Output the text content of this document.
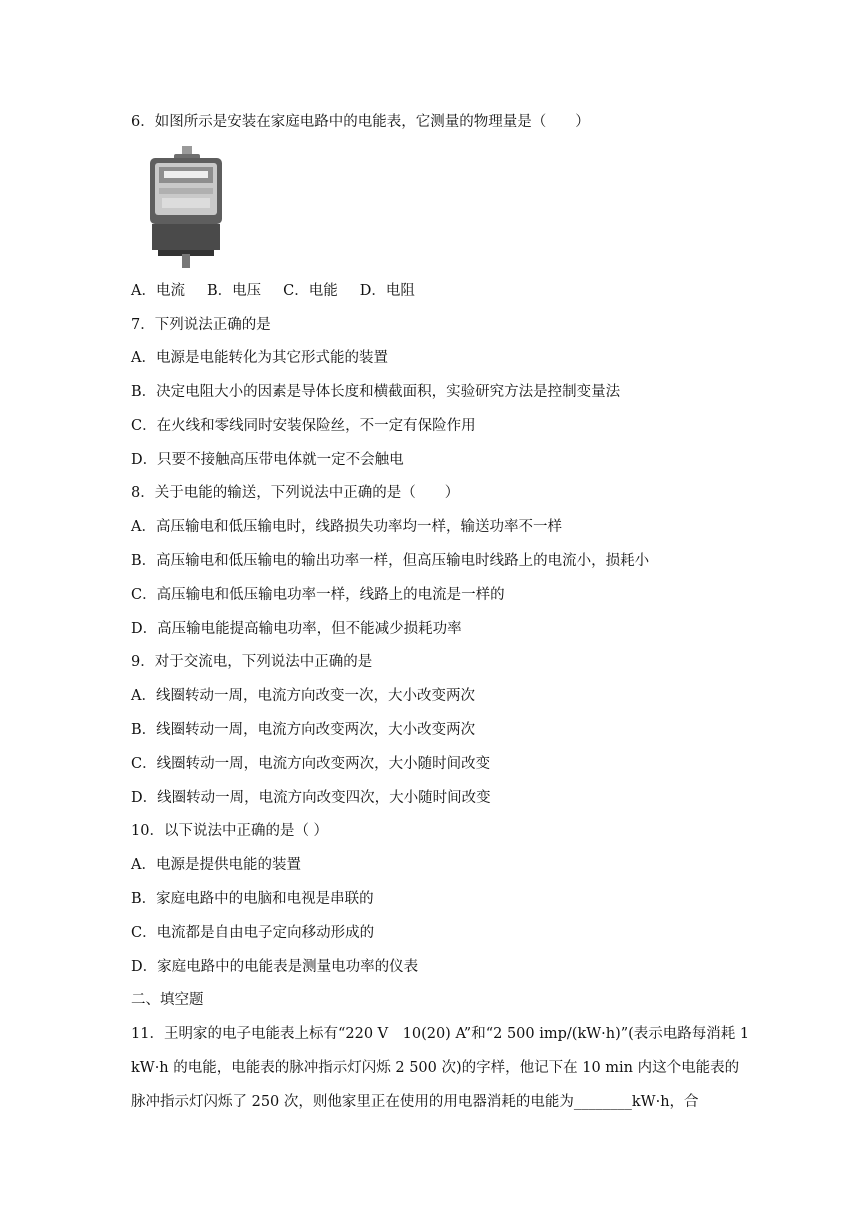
6．如图所示是安装在家庭电路中的电能表，它测量的物理量是（　　）
A．电流 B．电压 C．电能 D．电阻
7．下列说法正确的是
A．电源是电能转化为其它形式能的装置
B．决定电阻大小的因素是导体长度和横截面积，实验研究方法是控制变量法
C．在火线和零线同时安装保险丝，不一定有保险作用
D．只要不接触高压带电体就一定不会触电
8．关于电能的输送，下列说法中正确的是（　　）
A．高压输电和低压输电时，线路损失功率均一样，输送功率不一样
B．高压输电和低压输电的输出功率一样，但高压输电时线路上的电流小，损耗小
C．高压输电和低压输电功率一样，线路上的电流是一样的
D．高压输电能提高输电功率，但不能减少损耗功率
9．对于交流电，下列说法中正确的是
A．线圈转动一周，电流方向改变一次，大小改变两次
B．线圈转动一周，电流方向改变两次，大小改变两次
C．线圈转动一周，电流方向改变两次，大小随时间改变
D．线圈转动一周，电流方向改变四次，大小随时间改变
10．以下说法中正确的是（ ）
A．电源是提供电能的装置
B．家庭电路中的电脑和电视是串联的
C．电流都是自由电子定向移动形成的
D．家庭电路中的电能表是测量电功率的仪表
二、填空题
11．王明家的电子电能表上标有“220 V　10(20) A”和“2 500 imp/(kW·h)”(表示电路每消耗 1
kW·h 的电能，电能表的脉冲指示灯闪烁 2 500 次)的字样，他记下在 10 min 内这个电能表的
脉冲指示灯闪烁了 250 次，则他家里正在使用的用电器消耗的电能为________kW·h，合
